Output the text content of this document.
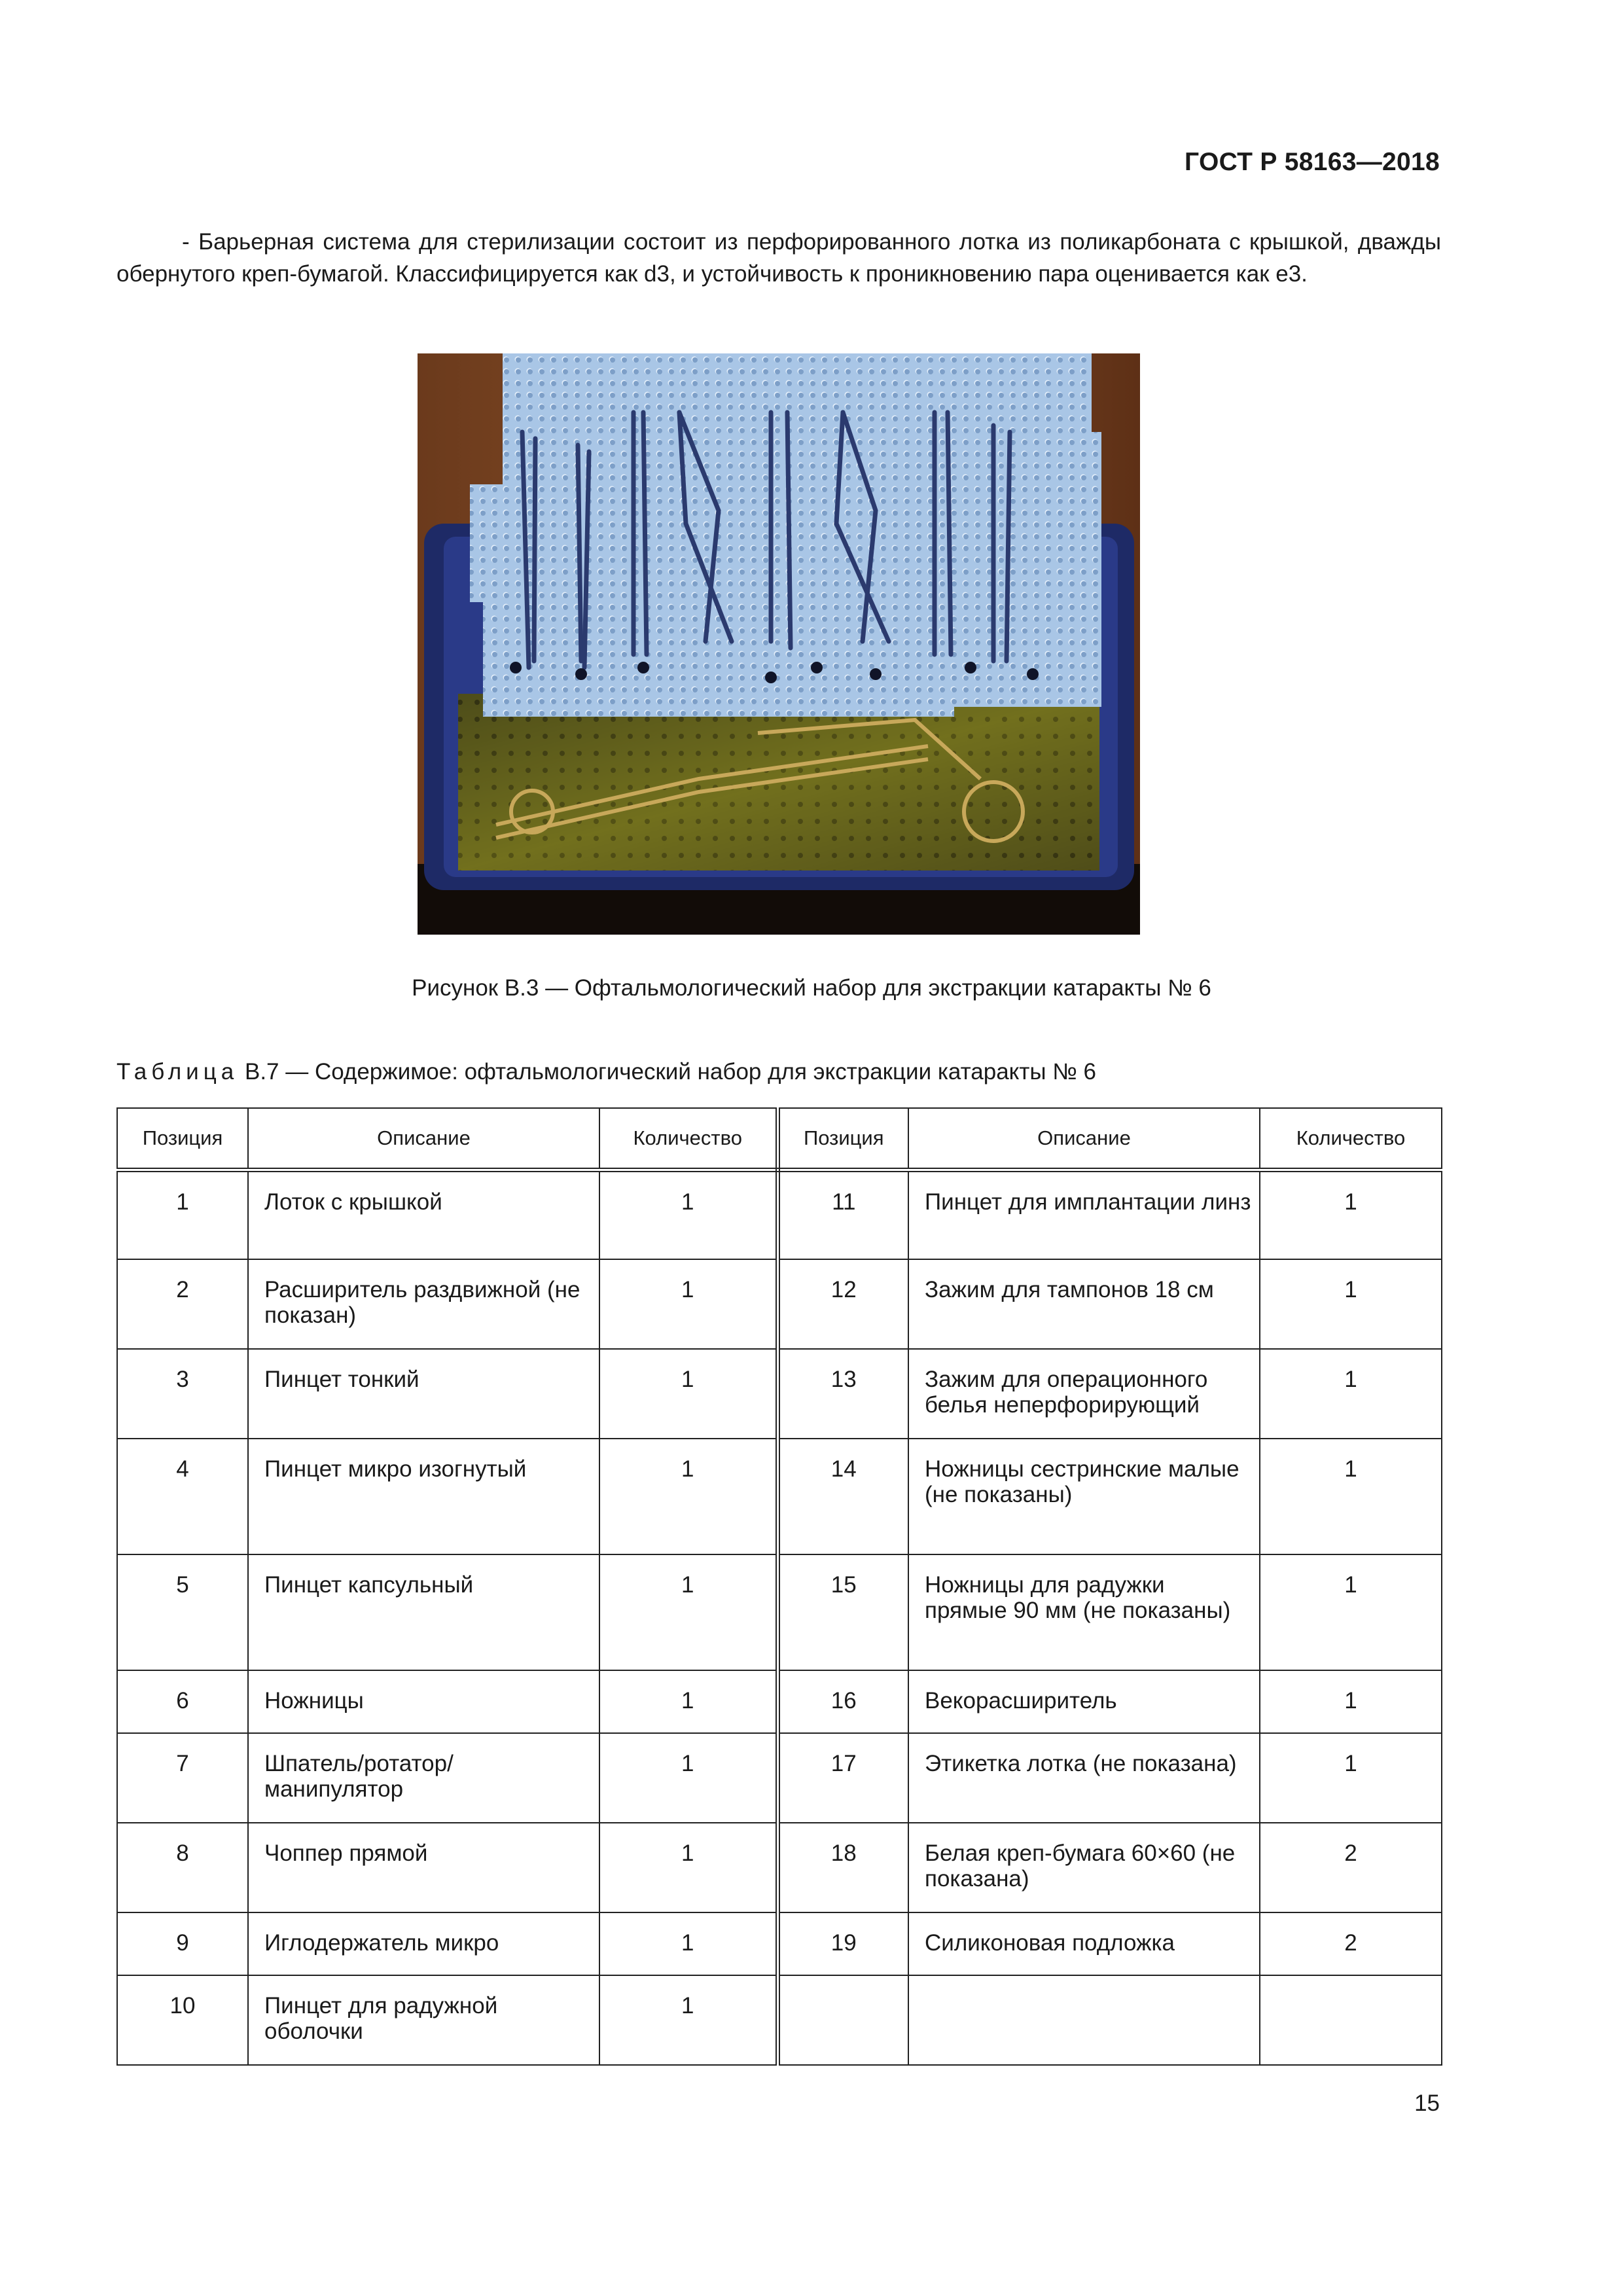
ГОСТ Р 58163—2018

- Барьерная система для стерилизации состоит из перфорированного лотка из поликарбоната с крышкой, дважды обернутого креп-бумагой. Классифицируется как d3, и устойчивость к проникновению пара оценивается как е3.

Рисунок В.3 — Офтальмологический набор для экстракции катаракты № 6
Таблица В.7 — Содержимое: офтальмологический набор для экстракции катаракты № 6
Позиция	Описание	Количество	Позиция	Описание	Количество
1	Лоток с крышкой	1	11	Пинцет для имплантации линз	1
2	Расширитель раздвижной (не показан)	1	12	Зажим для тампонов 18 см	1
3	Пинцет тонкий	1	13	Зажим для операционного белья неперфорирующий	1
4	Пинцет микро изогнутый	1	14	Ножницы сестринские малые (не показаны)	1
5	Пинцет капсульный	1	15	Ножницы для радужки прямые 90 мм (не показаны)	1
6	Ножницы	1	16	Векорасширитель	1
7	Шпатель/ротатор/ манипулятор	1	17	Этикетка лотка (не показана)	1
8	Чоппер прямой	1	18	Белая креп-бумага 60×60 (не показана)	2
9	Иглодержатель микро	1	19	Силиконовая подложка	2
10	Пинцет для радужной оболочки	1			
15
